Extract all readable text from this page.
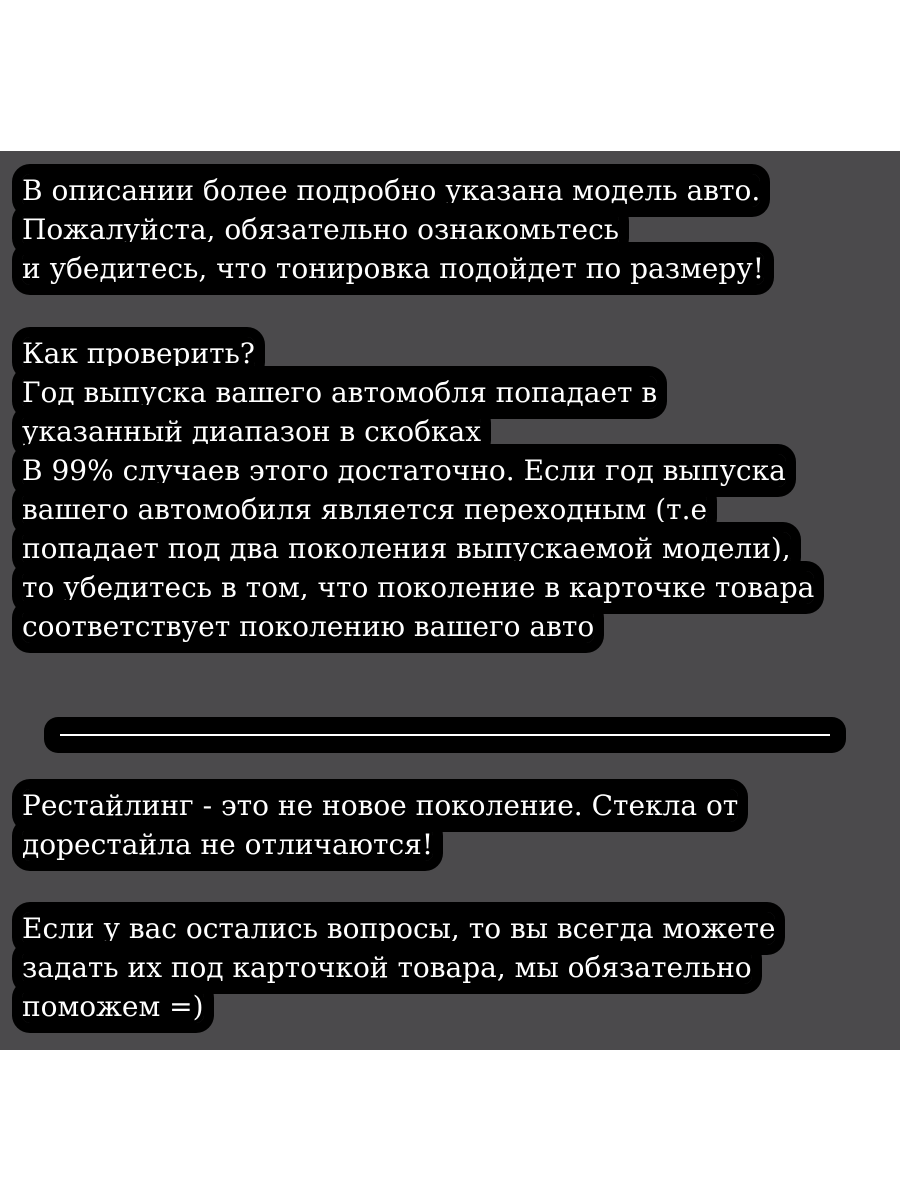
В описании более подробно указана модель авто.
Пожалуйста, обязательно ознакомьтесь
и убедитесь, что тонировка подойдет по размеру!
Как проверить?
Год выпуска вашего автомобля попадает в
указанный диапазон в скобках
В 99% случаев этого достаточно. Если год выпуска
вашего автомобиля является переходным (т.е
попадает под два поколения выпускаемой модели),
то убедитесь в том, что поколение в карточке товара
соответствует поколению вашего авто
Рестайлинг - это не новое поколение. Стекла от
дорестайла не отличаются!
Если у вас остались вопросы, то вы всегда можете
задать их под карточкой товара, мы обязательно
поможем =)
